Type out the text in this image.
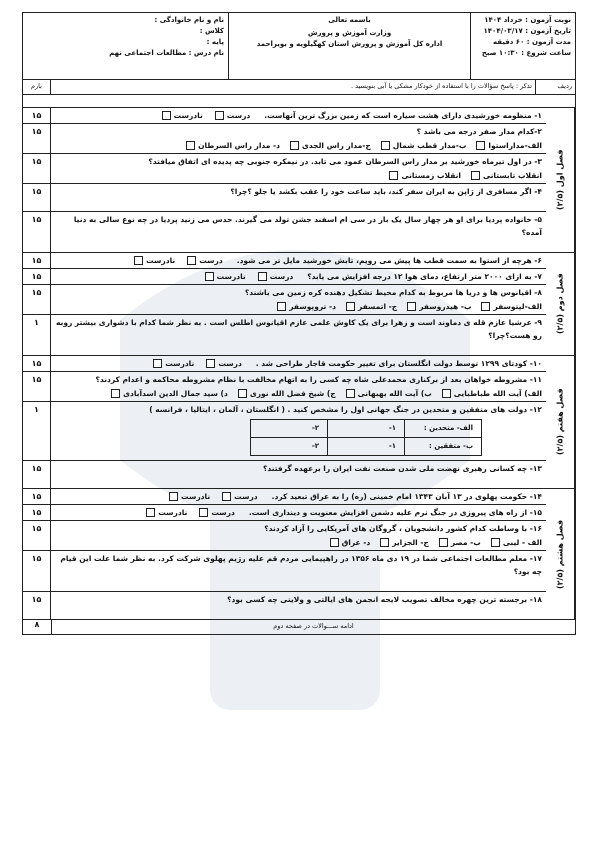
نام و نام خانوادگی :
کلاس :
پایه :
نام درس : مطالعات اجتماعی نهم
باسمه تعالی
وزارت آموزش و پرورش
اداره کل آموزش و پرورش استان کهگیلویه و بویراحمد
نوبت آزمون : خرداد ۱۴۰۴
تاریخ آزمون : ۱۴۰۴/۰۳/۱۷
مدت آزمون : ۶۰ دقیقه
ساعت شروع : ۱۰:۳۰ صبح
ردیف
تذکر : پاسخ سؤالات را با استفاده از خودکار مشکی یا آبی بنویسید .
بارم
۱۵	۱- منظومه خورشیدی دارای هشت سیاره است که زمین بزرگ ترین آنهاست.
درست
نادرست
۱۵	۲-کدام مدار صفر درجه می باشد ؟
الف-مداراستوا
ب-مدار قطب شمال
ج-مدار راس الجدی
د- مدار راس السرطان
۱۵	۳- در اول تیرماه خورشید بر مدار راس السرطان عمود می تابد. در نیمکره جنوبی چه پدیده ای اتفاق میافتد؟
انقلاب تابستانی
انقلاب زمستانی
۱۵	۴- اگر مسافری از ژاپن به ایران سفر کند، باید ساعت خود را عقب بکشد یا جلو ؟چرا؟
۱۵	۵- خانواده پردیا برای او هر چهار سال یک بار در سی ام اسفند جشن تولد می گیرند. حدس می زنید پردیا در چه نوع سالی به دنیا آمده؟
فصل اول (۲/۵)
۱۵	۶- هرچه از استوا به سمت قطب ها پیش می رویم، تابش خورشید مایل تر می شود.
درست
نادرست
۱۵	۷- به ازای ۲۰۰۰ متر ارتفاع، دمای هوا ۱۲ درجه افزایش می یابد؟
درست
نادرست
۱۵	۸- اقیانوس ها و دریا ها مربوط به کدام محیط تشکیل دهنده کره زمین می باشند؟
الف-لیتوسفر
ب- هیدروسفر
ج- اتمسفر
د- تروپوسفر
۱	۹- عرشیا عازم قله ی دماوند است و زهرا برای یک کاوش علمی عازم اقیانوس اطلس است . به نظر شما کدام با دشواری بیشتر روبه رو هست؟چرا؟	فصل دوم (۲/۵)
۱۵	۱۰- کودتای ۱۲۹۹ توسط دولت انگلستان برای تغییر حکومت قاجار طراحی شد .
درست
نادرست
۱۵	۱۱- مشروطه خواهان بعد از برکناری محمدعلی شاه چه کسی را به اتهام مخالفت با نظام مشروطه محاکمه و اعدام کردند؟
الف) آیت الله طباطبایی
ب) آیت الله بهبهانی
ج) شیخ فضل الله نوری
د) سید جمال الدین اسدآبادی
۱	۱۲- دولت های متفقین و متحدین در جنگ جهانی اول را مشخص کنید . ( انگلستان ، آلمان ، ایتالیا ، فرانسه )
الف- متحدین :	۱-	۲-
ب- متفقین :	۱-	۲-
۱۵	۱۳- چه کسانی رهبری نهضت ملی شدن صنعت نفت ایران را برعهده گرفتند؟
فصل هفتم (۲/۵)
۱۵	۱۴- حکومت پهلوی در ۱۳ آبان ۱۳۴۳ امام خمینی (ره) را به عراق تبعید کرد.
درست
نادرست
۱۵	۱۵- از راه های پیروزی در جنگ نرم علیه دشمن افزایش معنویت و دینداری است.
درست
نادرست
۱۵	۱۶- با وساطت کدام کشور دانشجویان ، گروگان های آمریکایی را آزاد کردند؟
الف - لیبی
ب- مصر
ج- الجزایر
د- عراق
۱۵	۱۷- معلم مطالعات اجتماعی شما در ۱۹ دی ماه ۱۳۵۶ در راهپیمایی مردم قم علیه رژیم پهلوی شرکت کرد. به نظر شما علت این قیام چه بود؟
۱۵	۱۸- برجسته ترین چهره مخالف تصویب لایحه انجمن های ایالتی و ولایتی چه کسی بود؟
فصل هشتم (۲/۵)
۸	ادامه ســـوالات در صفحه دوم
